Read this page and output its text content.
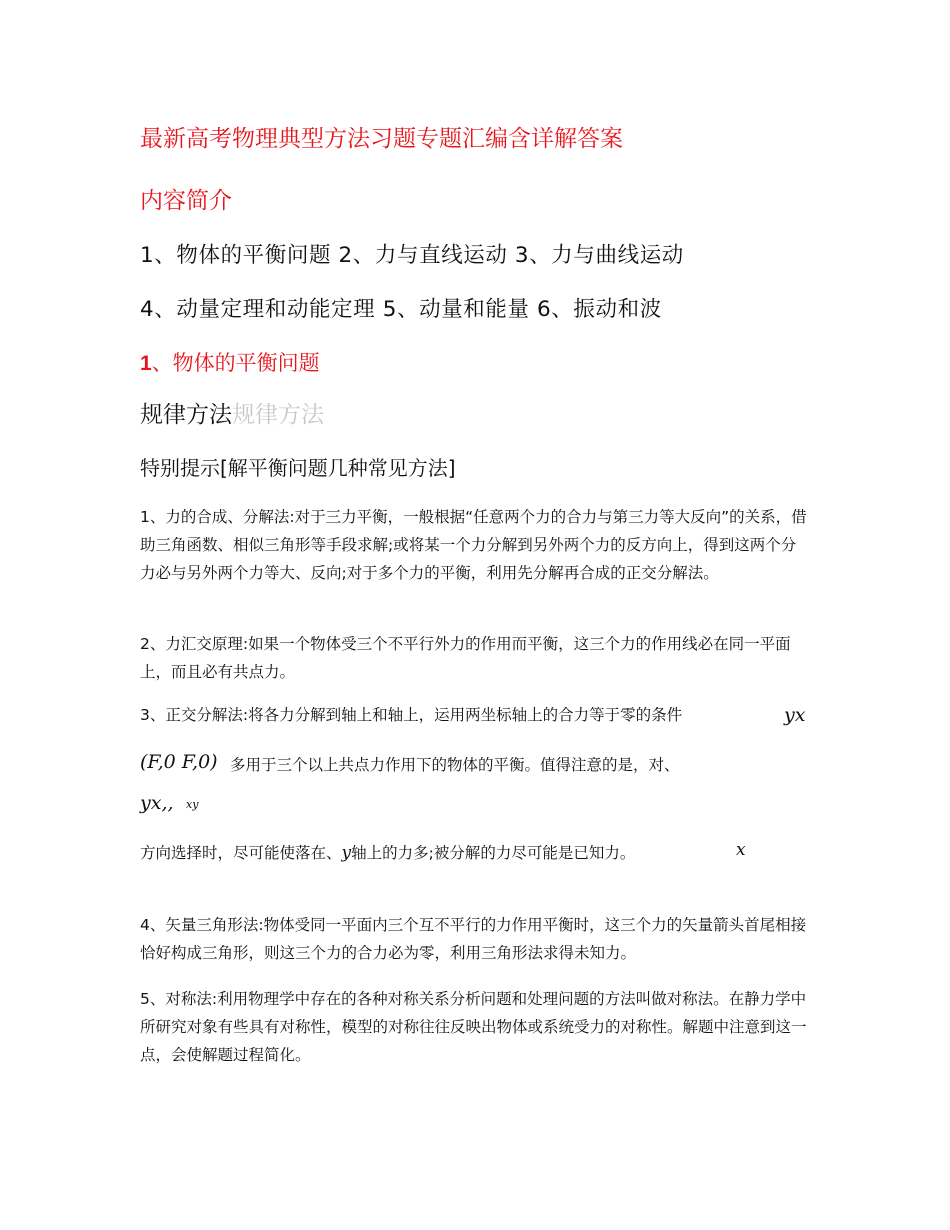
最新高考物理典型方法习题专题汇编含详解答案
内容简介
1、物体的平衡问题 2、力与直线运动 3、力与曲线运动
4、动量定理和动能定理 5、动量和能量 6、振动和波
1、物体的平衡问题
规律方法规律方法
特别提示[解平衡问题几种常见方法]
1、力的合成、分解法:对于三力平衡，一般根据“任意两个力的合力与第三力等大反向”的关系，借助三角函数、相似三角形等手段求解;或将某一个力分解到另外两个力的反方向上，得到这两个分力必与另外两个力等大、反向;对于多个力的平衡，利用先分解再合成的正交分解法。
2、力汇交原理:如果一个物体受三个不平行外力的作用而平衡，这三个力的作用线必在同一平面上，而且必有共点力。
3、正交分解法:将各力分解到轴上和轴上，运用两坐标轴上的合力等于零的条件	yx
(F,0 F,0) 多用于三个以上共点力作用下的物体的平衡。值得注意的是，对、
yx,, xy
方向选择时，尽可能使落在、y轴上的力多;被分解的力尽可能是已知力。	x
4、矢量三角形法:物体受同一平面内三个互不平行的力作用平衡时，这三个力的矢量箭头首尾相接恰好构成三角形，则这三个力的合力必为零，利用三角形法求得未知力。
5、对称法:利用物理学中存在的各种对称关系分析问题和处理问题的方法叫做对称法。在静力学中所研究对象有些具有对称性，模型的对称往往反映出物体或系统受力的对称性。解题中注意到这一点，会使解题过程简化。
